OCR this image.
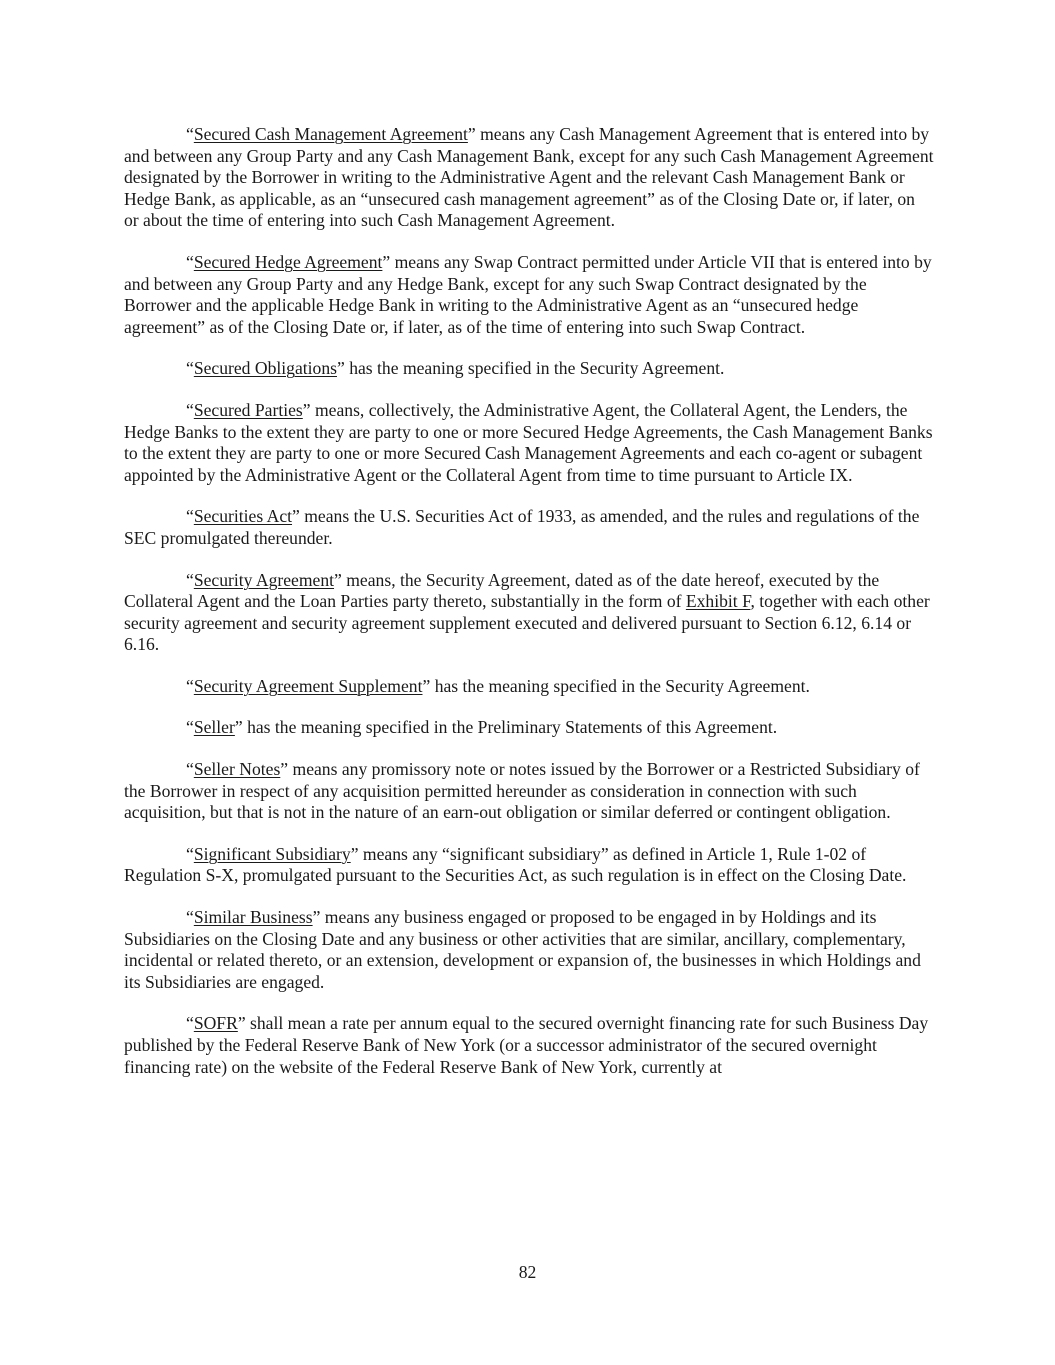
“Secured Cash Management Agreement” means any Cash Management Agreement that is entered into by and between any Group Party and any Cash Management Bank, except for any such Cash Management Agreement designated by the Borrower in writing to the Administrative Agent and the relevant Cash Management Bank or Hedge Bank, as applicable, as an “unsecured cash management agreement” as of the Closing Date or, if later, on or about the time of entering into such Cash Management Agreement.

“Secured Hedge Agreement” means any Swap Contract permitted under Article VII that is entered into by and between any Group Party and any Hedge Bank, except for any such Swap Contract designated by the Borrower and the applicable Hedge Bank in writing to the Administrative Agent as an “unsecured hedge agreement” as of the Closing Date or, if later, as of the time of entering into such Swap Contract.

“Secured Obligations” has the meaning specified in the Security Agreement.

“Secured Parties” means, collectively, the Administrative Agent, the Collateral Agent, the Lenders, the Hedge Banks to the extent they are party to one or more Secured Hedge Agreements, the Cash Management Banks to the extent they are party to one or more Secured Cash Management Agreements and each co-agent or subagent appointed by the Administrative Agent or the Collateral Agent from time to time pursuant to Article IX.

“Securities Act” means the U.S. Securities Act of 1933, as amended, and the rules and regulations of the SEC promulgated thereunder.

“Security Agreement” means, the Security Agreement, dated as of the date hereof, executed by the Collateral Agent and the Loan Parties party thereto, substantially in the form of Exhibit F, together with each other security agreement and security agreement supplement executed and delivered pursuant to Section 6.12, 6.14 or 6.16.

“Security Agreement Supplement” has the meaning specified in the Security Agreement.

“Seller” has the meaning specified in the Preliminary Statements of this Agreement.

“Seller Notes” means any promissory note or notes issued by the Borrower or a Restricted Subsidiary of the Borrower in respect of any acquisition permitted hereunder as consideration in connection with such acquisition, but that is not in the nature of an earn-out obligation or similar deferred or contingent obligation.

“Significant Subsidiary” means any “significant subsidiary” as defined in Article 1, Rule 1-02 of Regulation S-X, promulgated pursuant to the Securities Act, as such regulation is in effect on the Closing Date.

“Similar Business” means any business engaged or proposed to be engaged in by Holdings and its Subsidiaries on the Closing Date and any business or other activities that are similar, ancillary, complementary, incidental or related thereto, or an extension, development or expansion of, the businesses in which Holdings and its Subsidiaries are engaged.

“SOFR” shall mean a rate per annum equal to the secured overnight financing rate for such Business Day published by the Federal Reserve Bank of New York (or a successor administrator of the secured overnight financing rate) on the website of the Federal Reserve Bank of New York, currently at

82
